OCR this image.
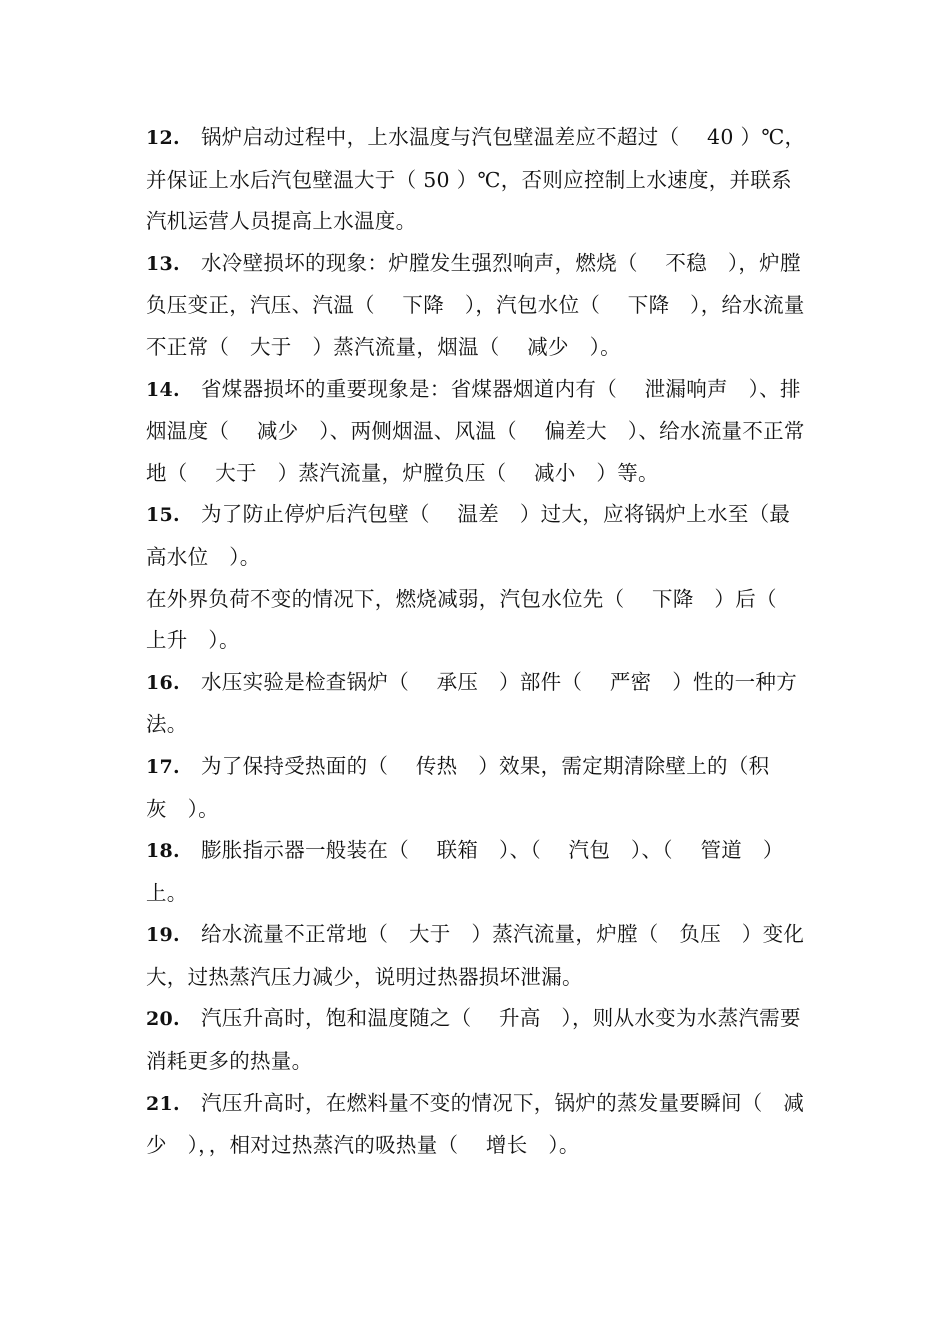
12. 锅炉启动过程中，上水温度与汽包壁温差应不超过（　 40 ）℃，并保证上水后汽包壁温大于（ 50 ）℃，否则应控制上水速度，并联系汽机运营人员提高上水温度。

13. 水冷壁损坏的现象：炉膛发生强烈响声，燃烧（　 不稳　），炉膛负压变正，汽压、汽温（　 下降　），汽包水位（　 下降　），给水流量不正常（　大于　）蒸汽流量，烟温（　 减少　）。

14. 省煤器损坏的重要现象是：省煤器烟道内有（　 泄漏响声　）、排烟温度（　 减少　）、两侧烟温、风温（　 偏差大　）、给水流量不正常地（　 大于　）蒸汽流量，炉膛负压（　 减小　）等。

15. 为了防止停炉后汽包壁（　 温差　）过大，应将锅炉上水至（最高水位　）。

在外界负荷不变的情况下，燃烧减弱，汽包水位先（　 下降　）后（　 上升　）。

16. 水压实验是检查锅炉（　 承压　）部件（　 严密　）性的一种方法。

17. 为了保持受热面的（　 传热　）效果，需定期清除壁上的（积灰　）。

18. 膨胀指示器一般装在（　 联箱　）、（　 汽包　）、（　 管道　）上。

19. 给水流量不正常地（　大于　）蒸汽流量，炉膛（　负压　）变化大，过热蒸汽压力减少，说明过热器损坏泄漏。

20. 汽压升高时，饱和温度随之（　 升高　），则从水变为水蒸汽需要消耗更多的热量。

21. 汽压升高时，在燃料量不变的情况下，锅炉的蒸发量要瞬间（　减少　），，相对过热蒸汽的吸热量（　 增长　）。
